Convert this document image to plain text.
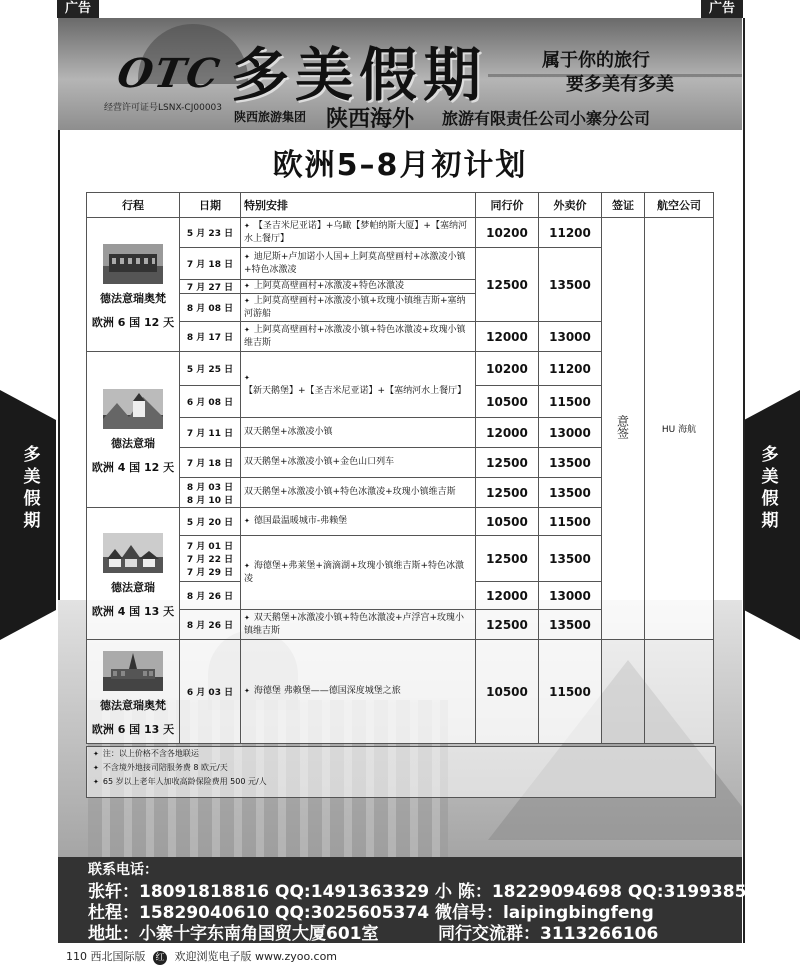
广告	广告
多美假期
多美假期
OTC
经营许可证号LSNX-CJ00003 多美假期	属于你的旅行
要多美有多美
陕西旅游集团 陕西海外 旅游有限责任公司小寨分公司
欧洲5–8月初计划
行程	日期	特别安排	同行价	外卖价	签证	航空公司

德法意瑞奥梵
欧洲 6 国 12 天	5 月 23 日	✦ 【圣吉米尼亚诺】+乌瞰【梦帕纳斯大厦】+【塞纳河水上餐厅】	10200	11200	意签	HU 海航
	7 月 18 日	✦ 迪尼斯+卢加诺小人国+上阿莫高壁画村+冰激凌小镇+特色冰激凌	12500	13500		
	7 月 27 日	✦ 上阿莫高壁画村+冰激凌+特色冰激凌				
	8 月 08 日	✦ 上阿莫高壁画村+冰激凌小镇+玫瑰小镇维吉斯+塞纳河游船				
	8 月 17 日	✦ 上阿莫高壁画村+冰激凌小镇+特色冰激凌+玫瑰小镇维吉斯	12000	13000		

德法意瑞
欧洲 4 国 12 天	5 月 25 日	✦【新天鹅堡】+【圣吉米尼亚诺】+【塞纳河水上餐厅】	10200	11200		
	6 月 08 日		10500	11500		
	7 月 11 日	双天鹅堡+冰激凌小镇	12000	13000		
	7 月 18 日	双天鹅堡+冰激凌小镇+金色山口列车	12500	13500		
	8 月 03 日
8 月 10 日	双天鹅堡+冰激凌小镇+特色冰激凌+玫瑰小镇维吉斯	12500	13500		

德法意瑞
欧洲 4 国 13 天	5 月 20 日	✦ 德国最温暖城市-弗赖堡	10500	11500		
	7 月 01 日
7 月 22 日
7 月 29 日	✦ 海德堡+弗莱堡+滴滴湖+玫瑰小镇维吉斯+特色冰激凌	12500	13500		
	8 月 26 日		12000	13000		
	8 月 26 日	✦ 双天鹅堡+冰激凌小镇+特色冰激凌+卢浮宫+玫瑰小镇维吉斯	12500	13500		

德法意瑞奥梵
欧洲 6 国 13 天	6 月 03 日	✦ 海德堡 弗赖堡——德国深度城堡之旅	10500	11500		
✦ 注：以上价格不含各地联运
✦ 不含境外地接司陪服务费 8 欧元/天
✦ 65 岁以上老年人加收高龄保险费用 500 元/人
联系电话：
张轩：18091818816 QQ:1491363329 小 陈：18229094698 QQ:3199385621
杜程：15829040610 QQ:3025605374 微信号：laipingbingfeng
地址：小寨十字东南角国贸大厦601室	同行交流群：3113266106
110 西北国际版 红 欢迎浏览电子版 www.zyoo.com
